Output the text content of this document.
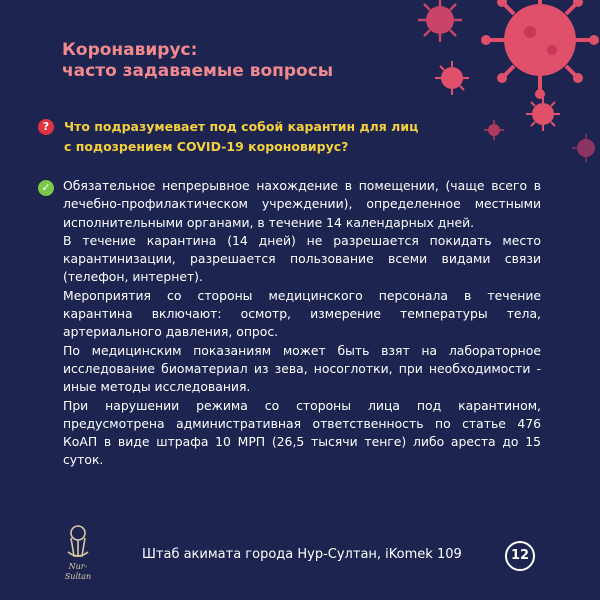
Коронавирус:
часто задаваемые вопросы
?	Что подразумевает под собой карантин для лиц
с подозрением COVID-19 короновирус?
✓ Обязательное непрерывное нахождение в помещении, (чаще всего в лечебно-профилактическом учреждении), определенное местными исполнительными органами, в течение 14 календарных дней.

В течение карантина (14 дней) не разрешается покидать место карантинизации, разрешается пользование всеми видами связи (телефон, интернет).

Мероприятия со стороны медицинского персонала в течение карантина включают: осмотр, измерение температуры тела, артериального давления, опрос.

По медицинским показаниям может быть взят на лабораторное исследование биоматериал из зева, носоглотки, при необходимости - иные методы исследования.

При нарушении режима со стороны лица под карантином, предусмотрена административная ответственность по статье 476 КоАП в виде штрафа 10 МРП (26,5 тысячи тенге) либо ареста до 15 суток.

Nur-Sultan
Штаб акимата города Нур-Султан, iKomek 109	12
